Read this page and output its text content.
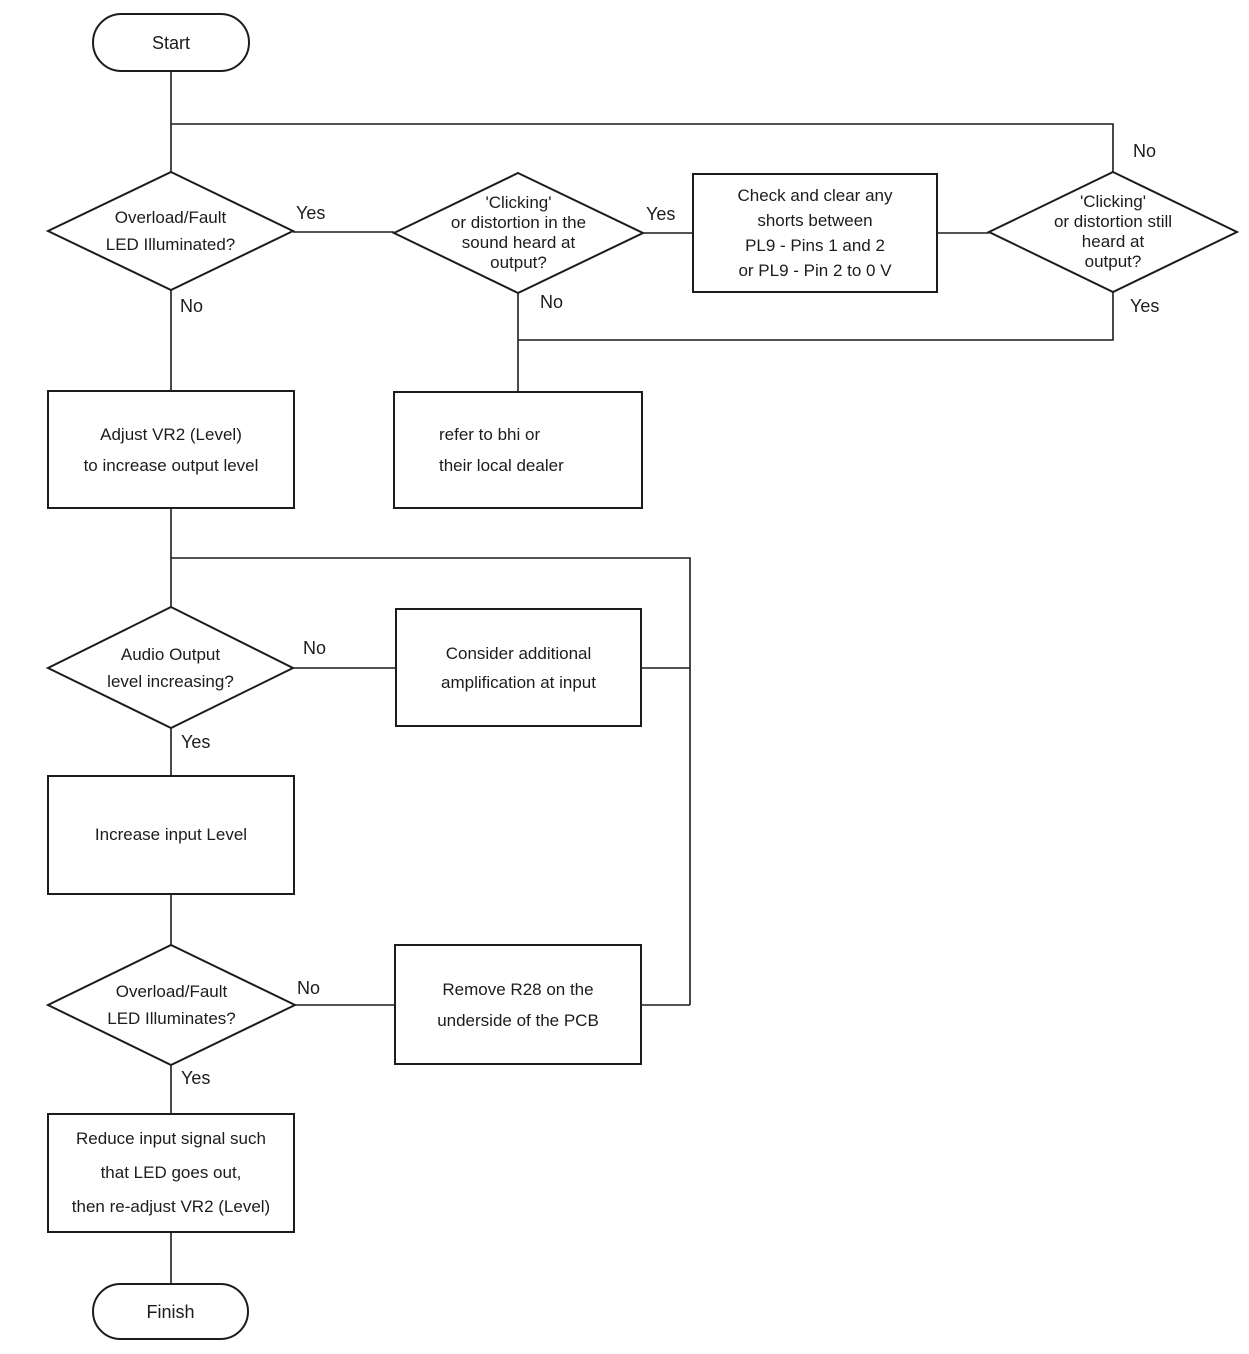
Start
Finish
Overload/Fault
LED Illuminated?
'Clicking'
or distortion in the
sound heard at
output?
'Clicking'
or distortion still
heard at
output?
Audio Output
level increasing?
Overload/Fault
LED Illuminates?
Check and clear any
shorts between
PL9 - Pins 1 and 2
or PL9 - Pin 2 to 0 V
Adjust VR2 (Level)
to increase output level
refer to bhi or
their local dealer
Consider additional
amplification at input
Increase input Level
Remove R28 on the
underside of the PCB
Reduce input signal such
that LED goes out,
then re-adjust VR2 (Level)
Yes
No
Yes
No
No
Yes
No
Yes
No
Yes
